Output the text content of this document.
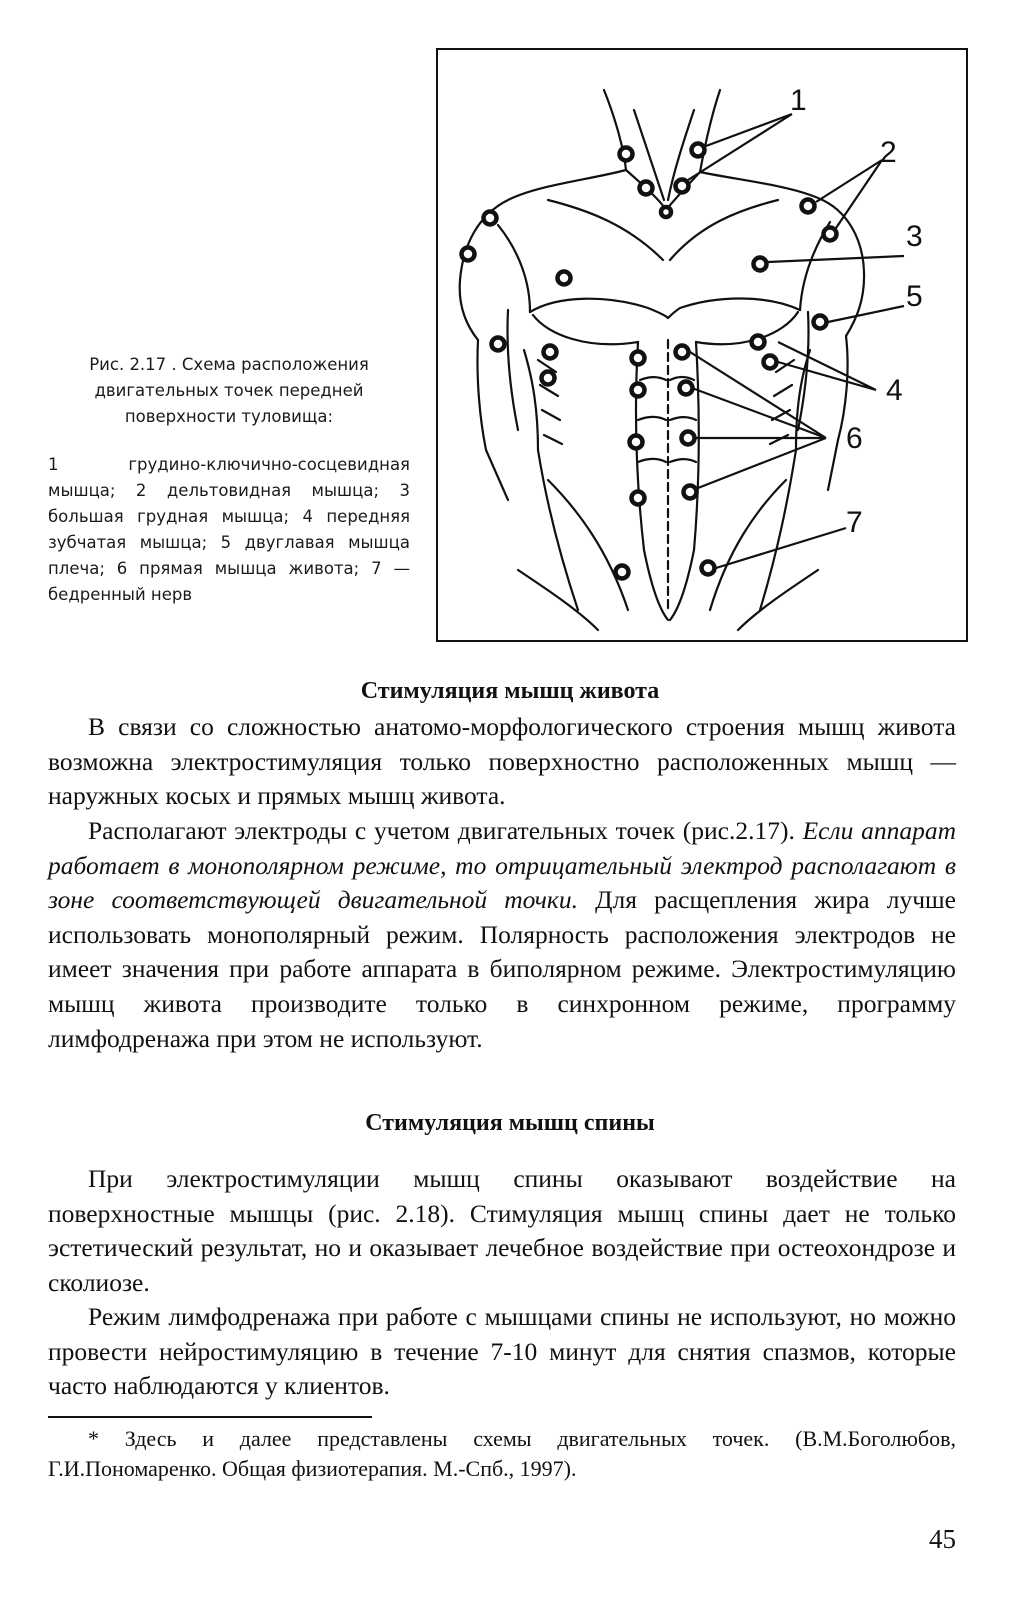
Рис. 2.17 . Схема расположения двигательных точек передней поверхности туловища:

1 грудино-ключично-сосцевидная мышца; 2 дельтовидная мышца; 3 большая грудная мышца; 4 передняя зубчатая мышца; 5 двуглавая мышца плеча; 6 прямая мышца живота; 7 —бедренный нерв

1
2
3
5
4
6
7
Стимуляция мышц живота

В связи со сложностью анатомо-морфологического строения мышц живота возможна электростимуляция только поверхностно расположенных мышц — наружных косых и прямых мышц живота.

Располагают электроды с учетом двигательных точек (рис.2.17). Если аппарат работает в монополярном режиме, то отрицательный электрод располагают в зоне соответствующей двигательной точки. Для расщепления жира лучше использовать монополярный режим. Полярность расположения электродов не имеет значения при работе аппарата в биполярном режиме. Электростимуляцию мышц живота производите только в синхронном режиме, программу лимфодренажа при этом не используют.

Стимуляция мышц спины

При электростимуляции мышц спины оказывают воздействие на поверхностные мышцы (рис. 2.18). Стимуляция мышц спины дает не только эстетический результат, но и оказывает лечебное воздействие при остеохондрозе и сколиозе.

Режим лимфодренажа при работе с мышцами спины не используют, но можно провести нейростимуляцию в течение 7-10 минут для снятия спазмов, которые часто наблюдаются у клиентов.

* Здесь и далее представлены схемы двигательных точек. (В.М.Боголюбов, Г.И.Пономаренко. Общая физиотерапия. М.-Спб., 1997).

45
